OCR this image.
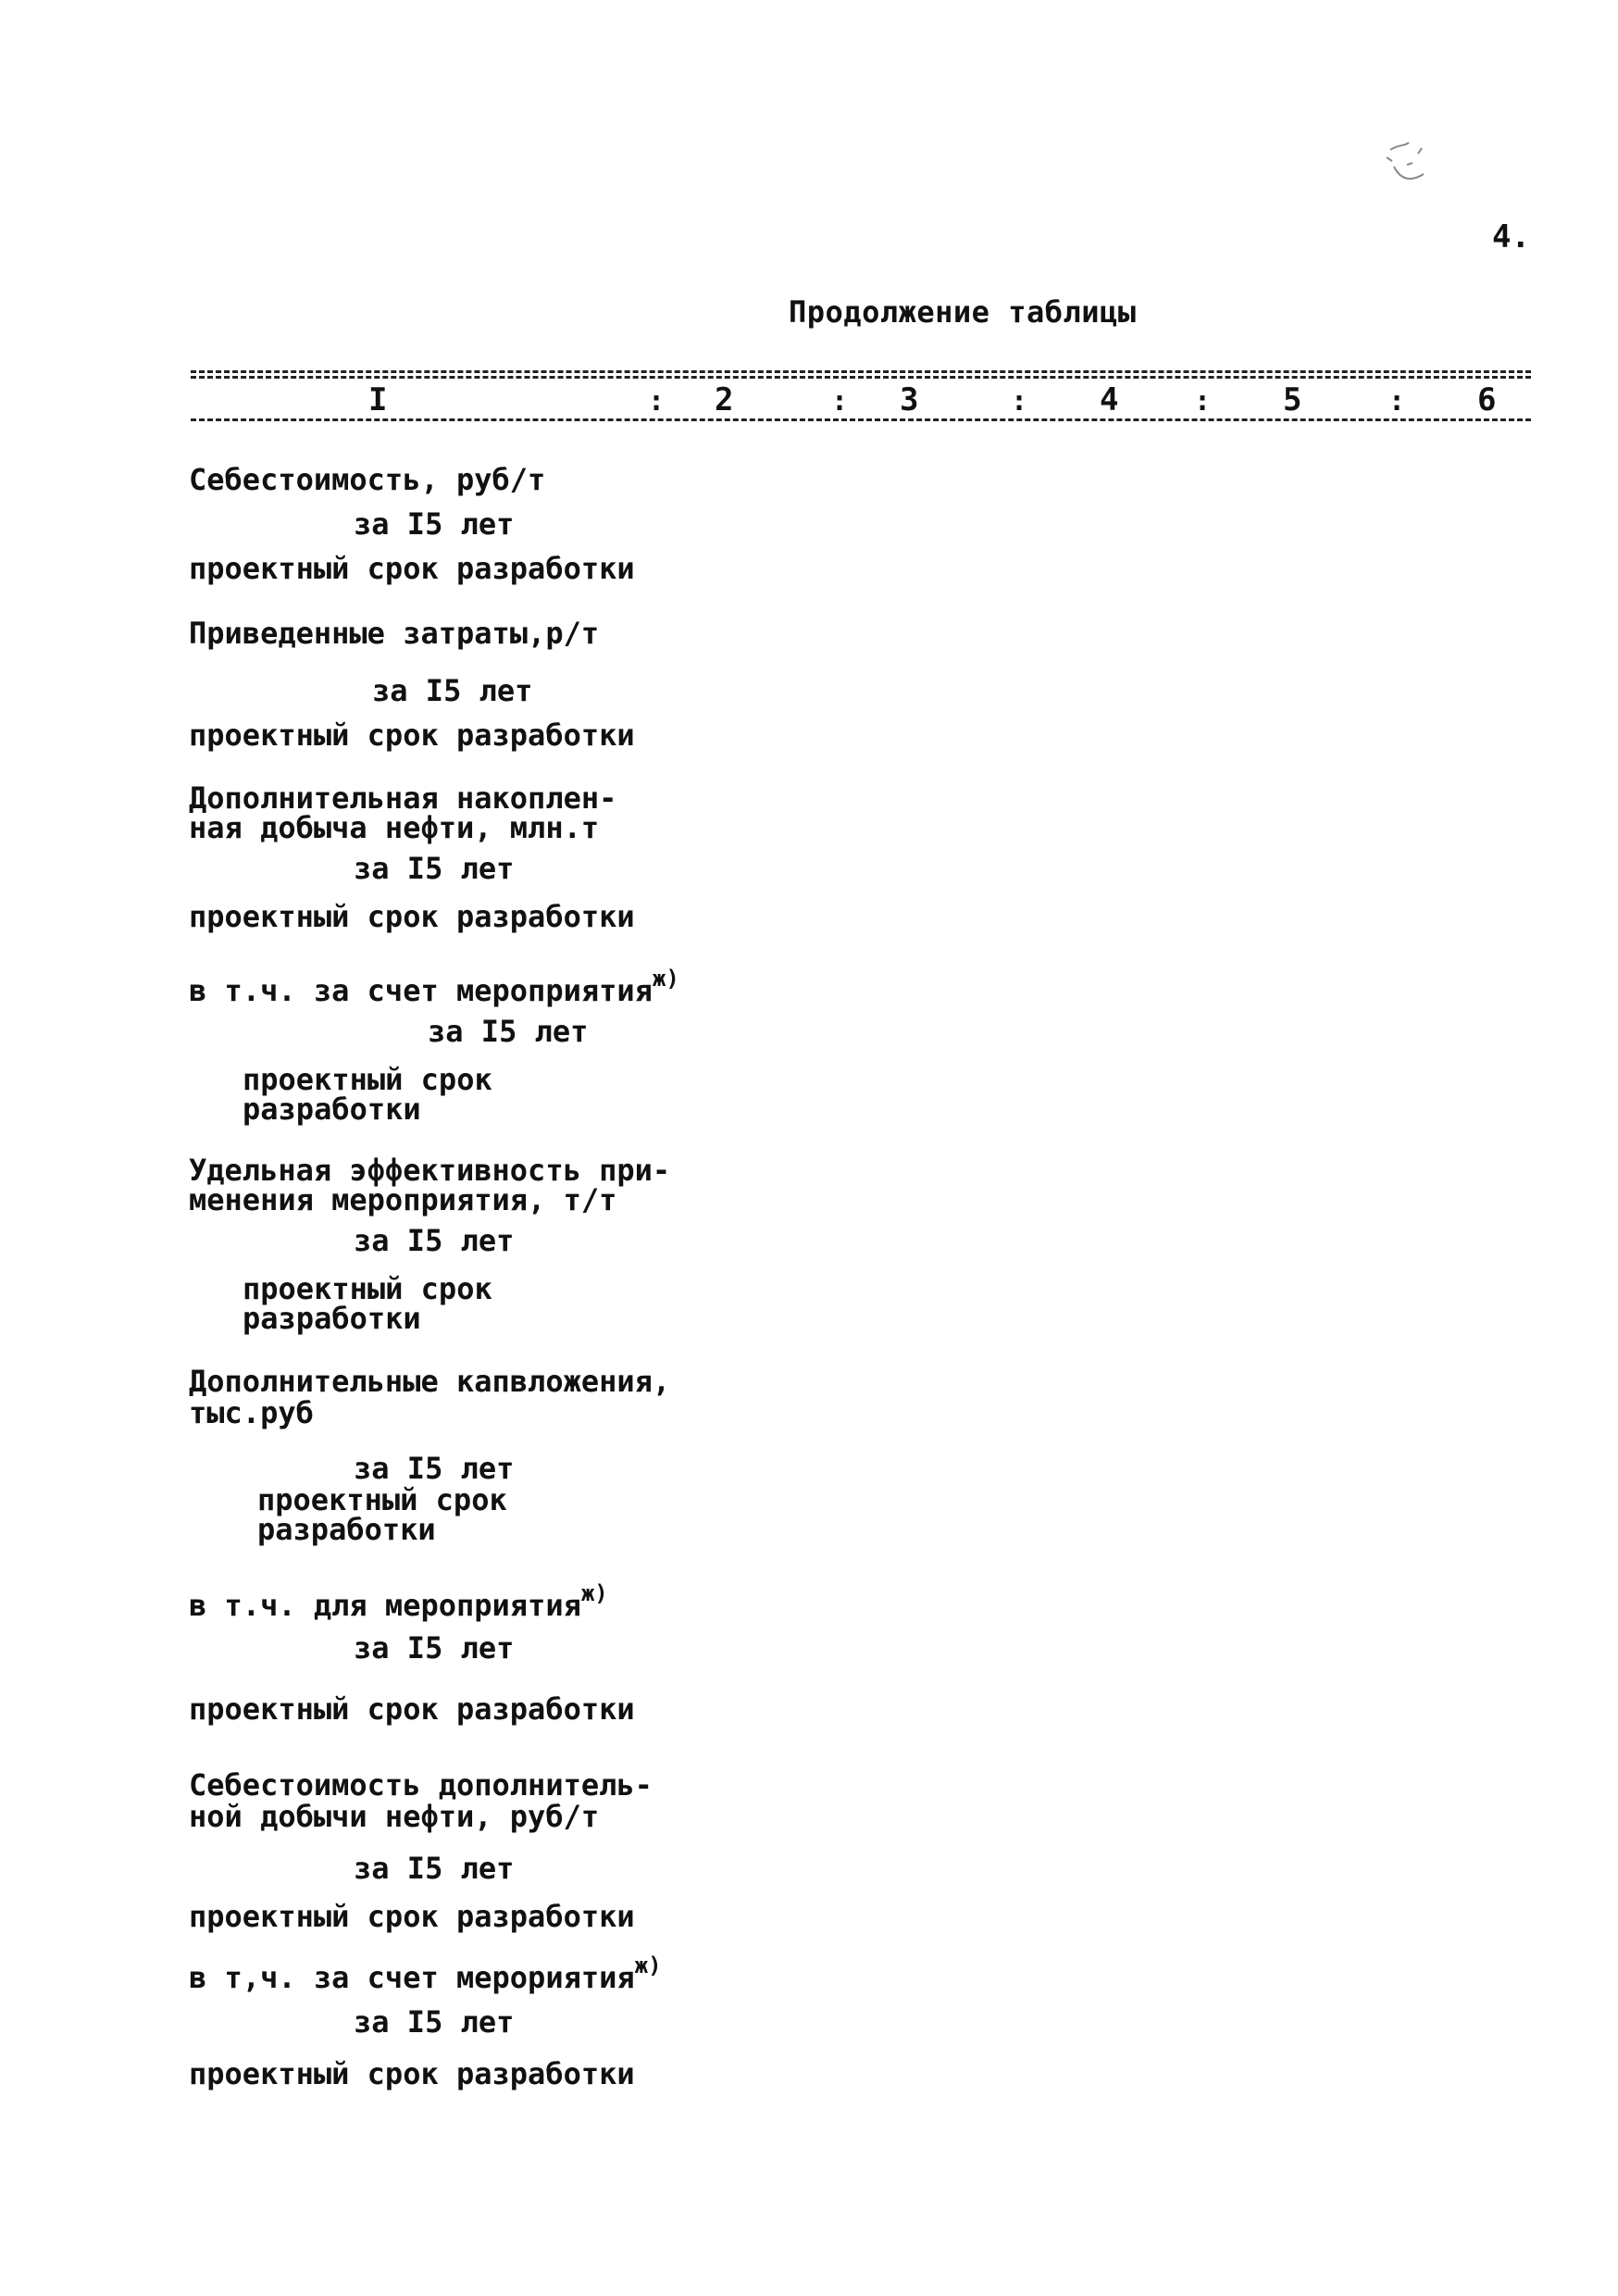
4.
Продолжение таблицы
I	2	3	4	5	6
:	:	:	:	:
Себестоимость, руб/т
за I5 лет
проектный срок разработки
Приведенные затраты,р/т
за I5 лет
проектный срок разработки
Дополнительная накоплен-
ная добыча нефти, млн.т
за I5 лет
проектный срок разработки
в т.ч. за счет мероприятия$^{ж)}$
за I5 лет
проектный срок
разработки
Удельная эффективность при-
менения мероприятия, т/т
за I5 лет
проектный срок
разработки
Дополнительные капвложения,
тыс.руб
за I5 лет
проектный срок
разработки
в т.ч. для мероприятия$^{ж)}$
за I5 лет
проектный срок разработки
Себестоимость дополнитель-
ной добычи нефти, руб/т
за I5 лет
проектный срок разработки
в т,ч. за счет мерориятия$^{ж)}$
за I5 лет
проектный срок разработки
